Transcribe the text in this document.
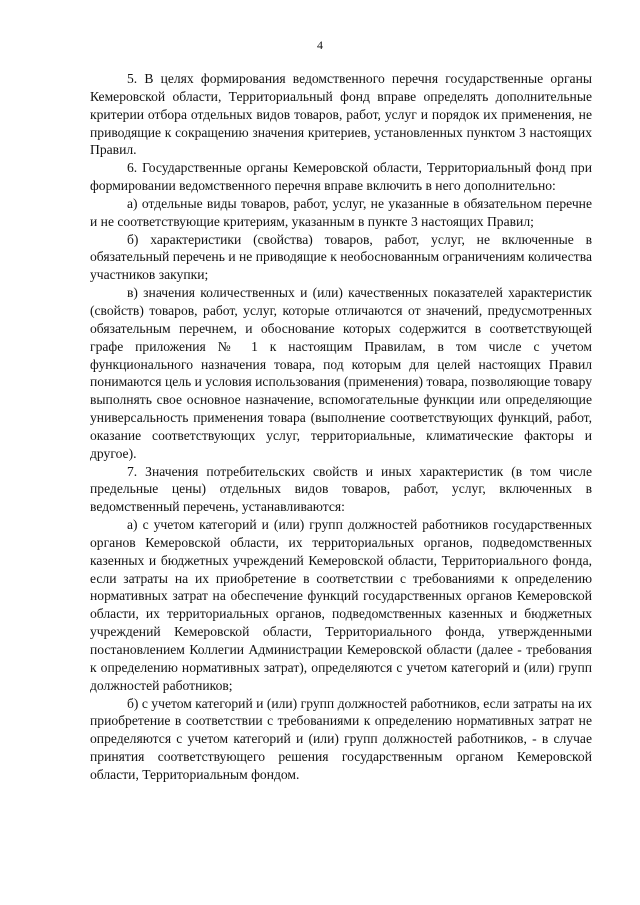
4

5. В целях формирования ведомственного перечня государственные органы Кемеровской области, Территориальный фонд вправе определять дополнительные критерии отбора отдельных видов товаров, работ, услуг и порядок их применения, не приводящие к сокращению значения критериев, установленных пунктом 3 настоящих Правил.

6. Государственные органы Кемеровской области, Территориальный фонд при формировании ведомственного перечня вправе включить в него дополнительно:

а) отдельные виды товаров, работ, услуг, не указанные в обязательном перечне и не соответствующие критериям, указанным в пункте 3 настоящих Правил;

б) характеристики (свойства) товаров, работ, услуг, не включенные в обязательный перечень и не приводящие к необоснованным ограничениям количества участников закупки;

в) значения количественных и (или) качественных показателей характеристик (свойств) товаров, работ, услуг, которые отличаются от значений, предусмотренных обязательным перечнем, и обоснование которых содержится в соответствующей графе приложения № 1 к настоящим Правилам, в том числе с учетом функционального назначения товара, под которым для целей настоящих Правил понимаются цель и условия использования (применения) товара, позволяющие товару выполнять свое основное назначение, вспомогательные функции или определяющие универсальность применения товара (выполнение соответствующих функций, работ, оказание соответствующих услуг, территориальные, климатические факторы и другое).

7. Значения потребительских свойств и иных характеристик (в том числе предельные цены) отдельных видов товаров, работ, услуг, включенных в ведомственный перечень, устанавливаются:

а) с учетом категорий и (или) групп должностей работников государственных органов Кемеровской области, их территориальных органов, подведомственных казенных и бюджетных учреждений Кемеровской области, Территориального фонда, если затраты на их приобретение в соответствии с требованиями к определению нормативных затрат на обеспечение функций государственных органов Кемеровской области, их территориальных органов, подведомственных казенных и бюджетных учреждений Кемеровской области, Территориального фонда, утвержденными постановлением Коллегии Администрации Кемеровской области (далее - требования к определению нормативных затрат), определяются с учетом категорий и (или) групп должностей работников;

б) с учетом категорий и (или) групп должностей работников, если затраты на их приобретение в соответствии с требованиями к определению нормативных затрат не определяются с учетом категорий и (или) групп должностей работников, - в случае принятия соответствующего решения государственным органом Кемеровской области, Территориальным фондом.
